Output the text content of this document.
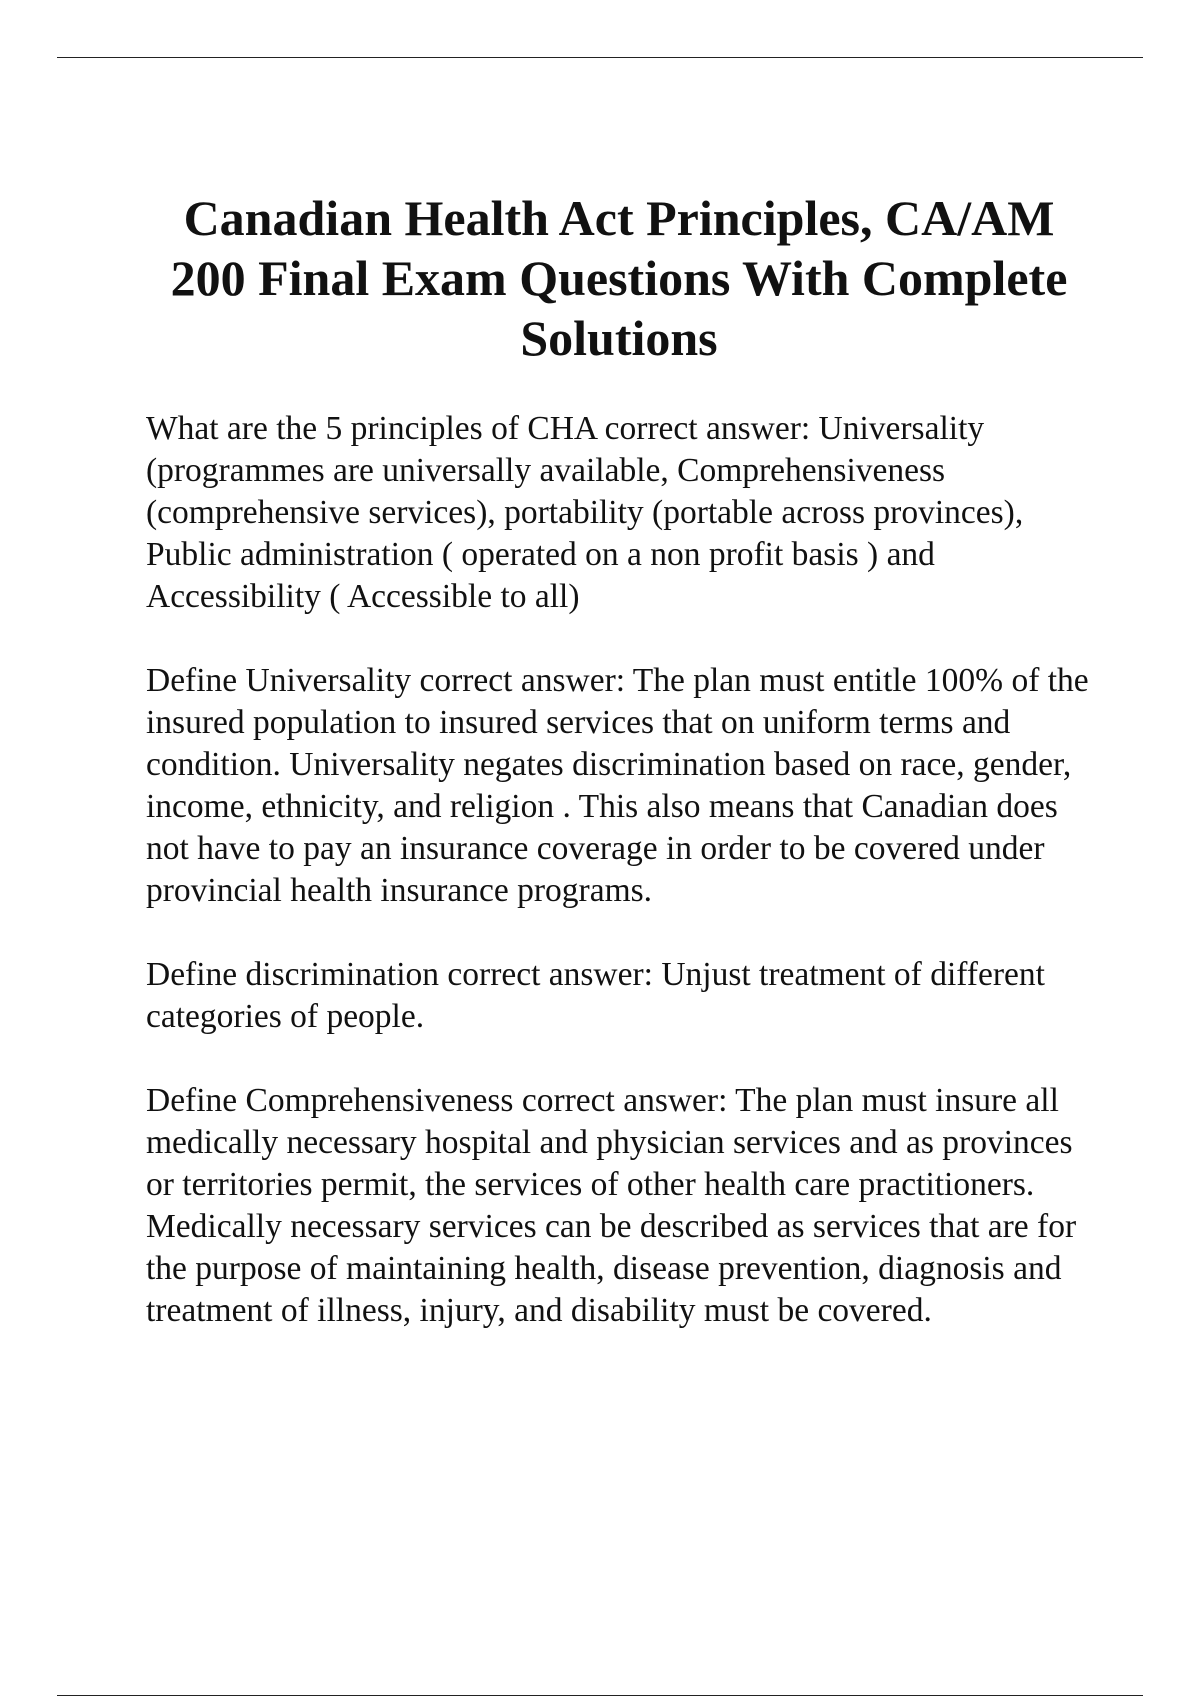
Canadian Health Act Principles, CA/AM 200 Final Exam Questions With Complete Solutions

What are the 5 principles of CHA correct answer: Universality (programmes are universally available, Comprehensiveness (comprehensive services), portability (portable across provinces), Public administration ( operated on a non profit basis ) and Accessibility ( Accessible to all)

Define Universality correct answer: The plan must entitle 100% of the insured population to insured services that on uniform terms and condition. Universality negates discrimination based on race, gender, income, ethnicity, and religion . This also means that Canadian does not have to pay an insurance coverage in order to be covered under provincial health insurance programs.

Define discrimination correct answer: Unjust treatment of different categories of people.

Define Comprehensiveness correct answer: The plan must insure all medically necessary hospital and physician services and as provinces or territories permit, the services of other health care practitioners. Medically necessary services can be described as services that are for the purpose of maintaining health, disease prevention, diagnosis and treatment of illness, injury, and disability must be covered.
